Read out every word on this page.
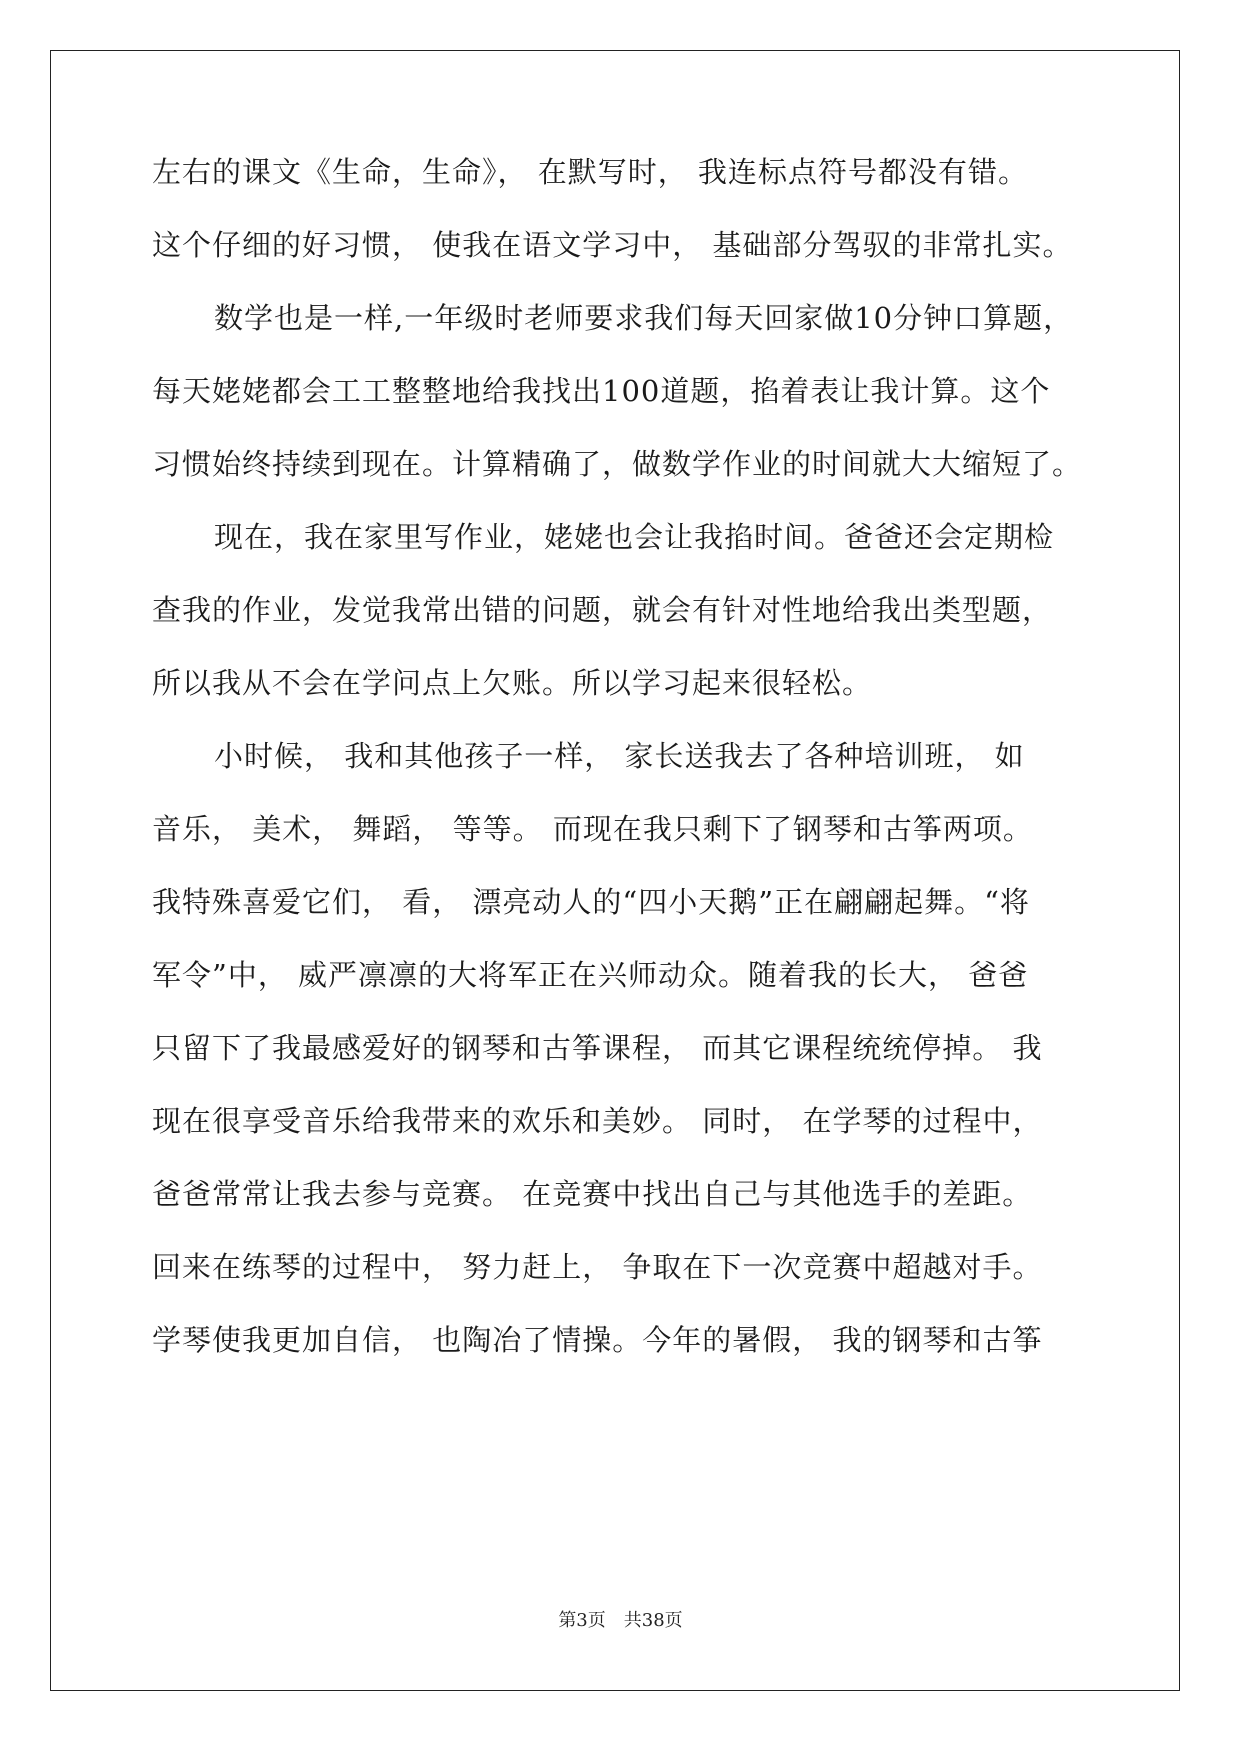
左右的课文《生命，生命》， 在默写时， 我连标点符号都没有错。
这个仔细的好习惯， 使我在语文学习中， 基础部分驾驭的非常扎实。
数学也是一样,一年级时老师要求我们每天回家做10分钟口算题，
每天姥姥都会工工整整地给我找出100道题，掐着表让我计算。这个
习惯始终持续到现在。计算精确了，做数学作业的时间就大大缩短了。
现在，我在家里写作业，姥姥也会让我掐时间。爸爸还会定期检
查我的作业，发觉我常出错的问题，就会有针对性地给我出类型题，
所以我从不会在学问点上欠账。所以学习起来很轻松。
小时候， 我和其他孩子一样， 家长送我去了各种培训班， 如
音乐， 美术， 舞蹈， 等等。 而现在我只剩下了钢琴和古筝两项。
我特殊喜爱它们， 看， 漂亮动人的“四小天鹅”正在翩翩起舞。“将
军令”中， 威严凛凛的大将军正在兴师动众。随着我的长大， 爸爸
只留下了我最感爱好的钢琴和古筝课程， 而其它课程统统停掉。 我
现在很享受音乐给我带来的欢乐和美妙。 同时， 在学琴的过程中，
爸爸常常让我去参与竞赛。 在竞赛中找出自己与其他选手的差距。
回来在练琴的过程中， 努力赶上， 争取在下一次竞赛中超越对手。
学琴使我更加自信， 也陶冶了情操。今年的暑假， 我的钢琴和古筝
第3页　共38页
